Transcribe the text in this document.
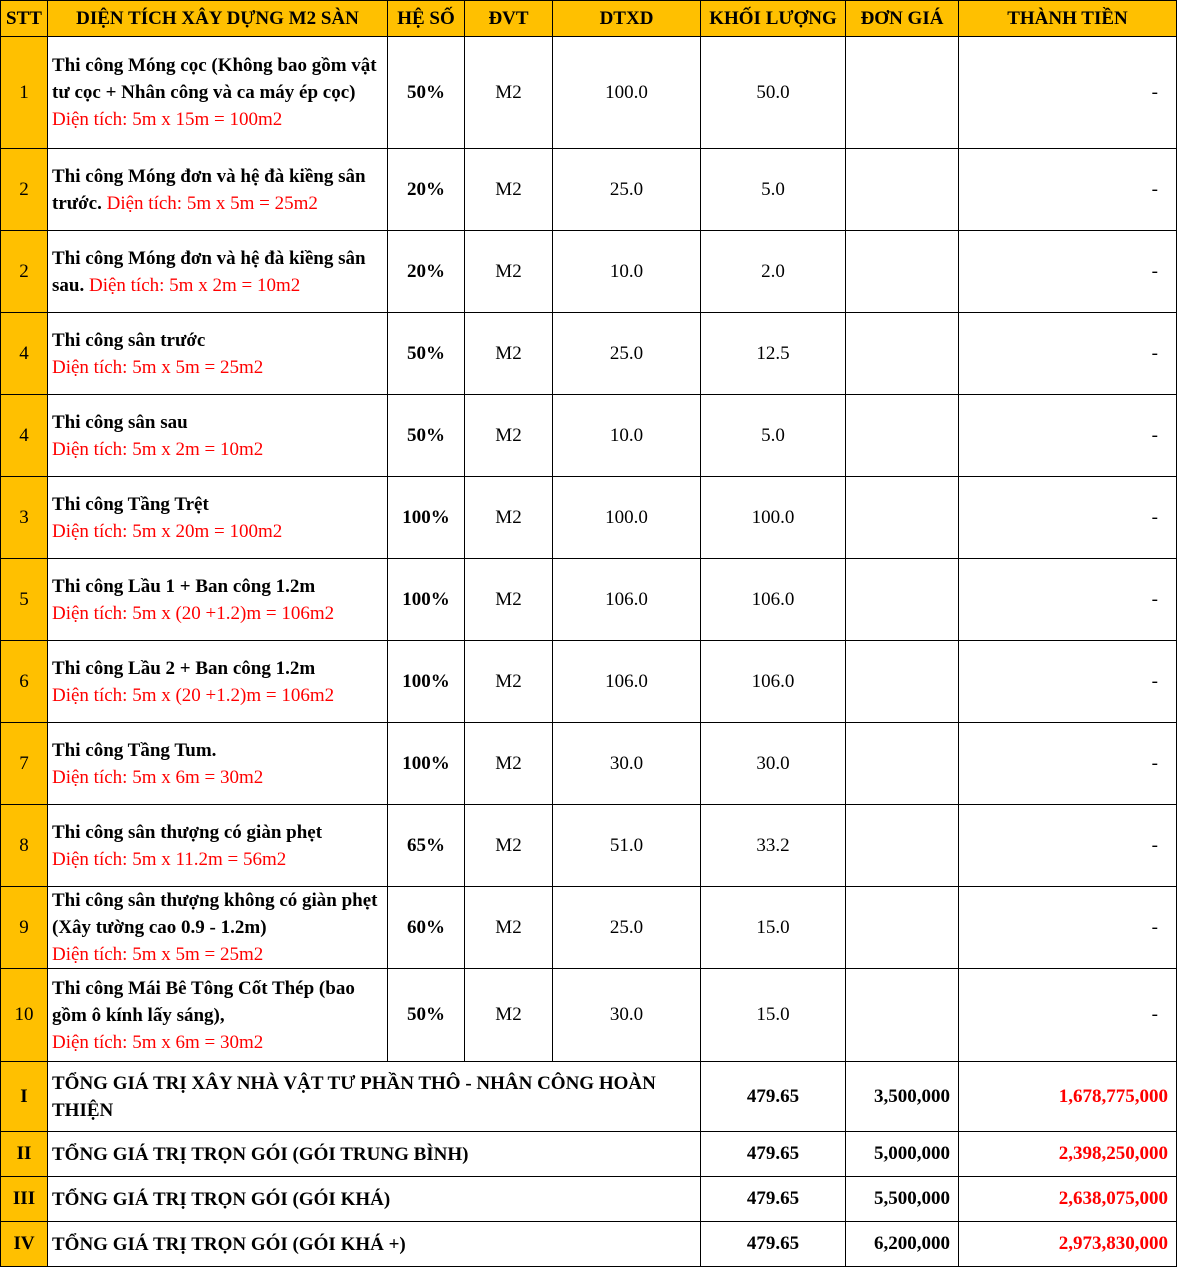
STT	DIỆN TÍCH XÂY DỰNG M2 SÀN	HỆ SỐ	ĐVT	DTXD	KHỐI LƯỢNG	ĐƠN GIÁ	THÀNH TIỀN
1	Thi công Móng cọc (Không bao gồm vật tư cọc + Nhân công và ca máy ép cọc)
Diện tích: 5m x 15m = 100m2	50%	M2	100.0	50.0		-
2	Thi công Móng đơn và hệ đà kiềng sân trước. Diện tích: 5m x 5m = 25m2	20%	M2	25.0	5.0		-
2	Thi công Móng đơn và hệ đà kiềng sân sau. Diện tích: 5m x 2m = 10m2	20%	M2	10.0	2.0		-
4	Thi công sân trước
Diện tích: 5m x 5m = 25m2	50%	M2	25.0	12.5		-
4	Thi công sân sau
Diện tích: 5m x 2m = 10m2	50%	M2	10.0	5.0		-
3	Thi công Tầng Trệt
Diện tích: 5m x 20m = 100m2	100%	M2	100.0	100.0		-
5	Thi công Lầu 1 + Ban công 1.2m
Diện tích: 5m x (20 +1.2)m = 106m2	100%	M2	106.0	106.0		-
6	Thi công Lầu 2 + Ban công 1.2m
Diện tích: 5m x (20 +1.2)m = 106m2	100%	M2	106.0	106.0		-
7	Thi công Tầng Tum.
Diện tích: 5m x 6m = 30m2	100%	M2	30.0	30.0		-
8	Thi công sân thượng có giàn phẹt
Diện tích: 5m x 11.2m = 56m2	65%	M2	51.0	33.2		-
9	Thi công sân thượng không có giàn phẹt (Xây tường cao 0.9 - 1.2m)
Diện tích: 5m x 5m = 25m2	60%	M2	25.0	15.0		-
10	Thi công Mái Bê Tông Cốt Thép (bao gồm ô kính lấy sáng),
Diện tích: 5m x 6m = 30m2	50%	M2	30.0	15.0		-
I	TỔNG GIÁ TRỊ XÂY NHÀ VẬT TƯ PHẦN THÔ - NHÂN CÔNG HOÀN THIỆN				479.65	3,500,000	1,678,775,000
II	TỔNG GIÁ TRỊ TRỌN GÓI (GÓI TRUNG BÌNH)				479.65	5,000,000	2,398,250,000
III	TỔNG GIÁ TRỊ TRỌN GÓI (GÓI KHÁ)				479.65	5,500,000	2,638,075,000
IV	TỔNG GIÁ TRỊ TRỌN GÓI (GÓI KHÁ +)				479.65	6,200,000	2,973,830,000
